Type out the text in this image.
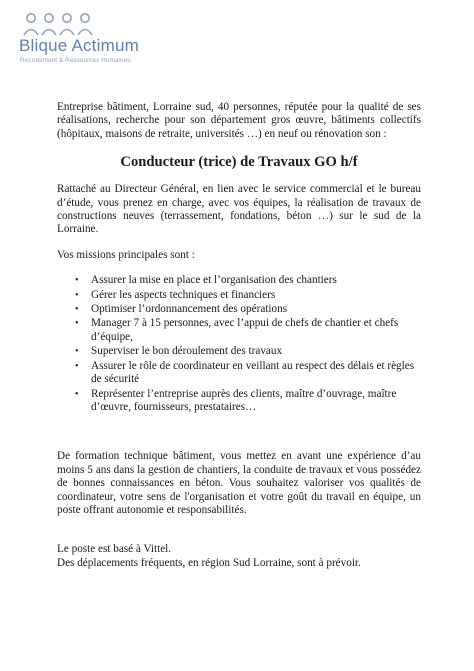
Blique Actimum
Recrutement & Ressources Humaines

Entreprise bâtiment, Lorraine sud, 40 personnes, réputée pour la qualité de ses réalisations, recherche pour son département gros œuvre, bâtiments collectifs (hôpitaux, maisons de retraite, universités …) en neuf ou rénovation son :

Conducteur (trice) de Travaux GO h/f

Rattaché au Directeur Général, en lien avec le service commercial et le bureau d’étude, vous prenez en charge, avec vos équipes, la réalisation de travaux de constructions neuves (terrassement, fondations, béton …) sur le sud de la Lorraine.

Vos missions principales sont :

• Assurer la mise en place et l’organisation des chantiers
• Gérer les aspects techniques et financiers
• Optimiser l’ordonnancement des opérations
• Manager 7 à 15 personnes, avec l’appui de chefs de chantier et chefs d’équipe,
• Superviser le bon déroulement des travaux
• Assurer le rôle de coordinateur en veillant au respect des délais et règles de sécurité
• Représenter l’entreprise auprès des clients, maître d’ouvrage, maître d’œuvre, fournisseurs, prestataires…

De formation technique bâtiment, vous mettez en avant une expérience d’au moins 5 ans dans la gestion de chantiers, la conduite de travaux et vous possédez de bonnes connaissances en béton. Vous souhaitez valoriser vos qualités de coordinateur, votre sens de l'organisation et votre goût du travail en équipe, un poste offrant autonomie et responsabilités.

Le poste est basé à Vittel.

Des déplacements fréquents, en région Sud Lorraine, sont à prévoir.
